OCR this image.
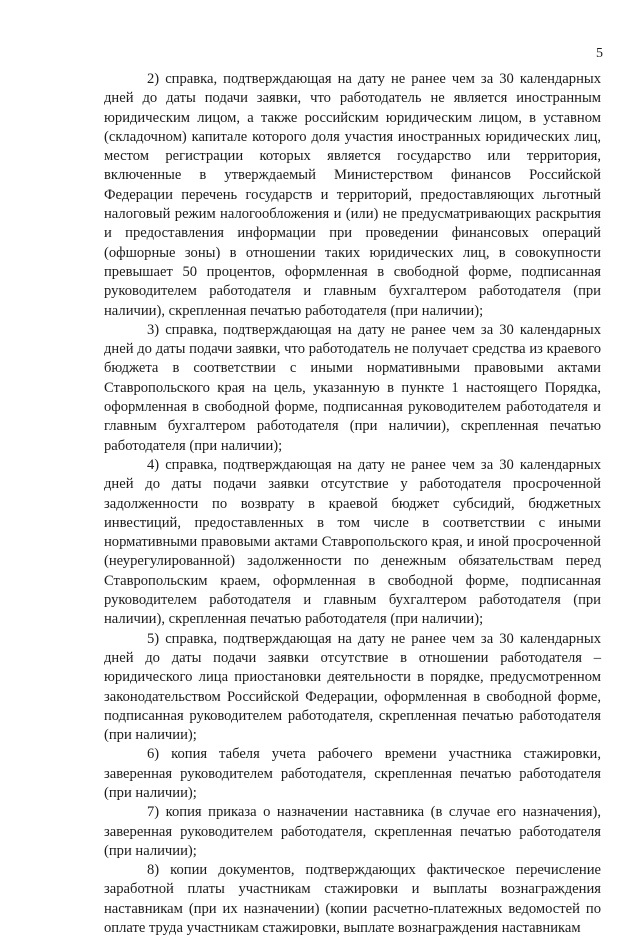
5

2) справка, подтверждающая на дату не ранее чем за 30 календарных дней до даты подачи заявки, что работодатель не является иностранным юридическим лицом, а также российским юридическим лицом, в уставном (складочном) капитале которого доля участия иностранных юридических лиц, местом регистрации которых является государство или территория, включенные в утверждаемый Министерством финансов Российской Федерации перечень государств и территорий, предоставляющих льготный налоговый режим налогообложения и (или) не предусматривающих раскрытия и предоставления информации при проведении финансовых операций (офшорные зоны) в отношении таких юридических лиц, в совокупности превышает 50 процентов, оформленная в свободной форме, подписанная руководителем работодателя и главным бухгалтером работодателя (при наличии), скрепленная печатью работодателя (при наличии);

3) справка, подтверждающая на дату не ранее чем за 30 календарных дней до даты подачи заявки, что работодатель не получает средства из краевого бюджета в соответствии с иными нормативными правовыми актами Ставропольского края на цель, указанную в пункте 1 настоящего Порядка, оформленная в свободной форме, подписанная руководителем работодателя и главным бухгалтером работодателя (при наличии), скрепленная печатью работодателя (при наличии);

4) справка, подтверждающая на дату не ранее чем за 30 календарных дней до даты подачи заявки отсутствие у работодателя просроченной задолженности по возврату в краевой бюджет субсидий, бюджетных инвестиций, предоставленных в том числе в соответствии с иными нормативными правовыми актами Ставропольского края, и иной просроченной (неурегулированной) задолженности по денежным обязательствам перед Ставропольским краем, оформленная в свободной форме, подписанная руководителем работодателя и главным бухгалтером работодателя (при наличии), скрепленная печатью работодателя (при наличии);

5) справка, подтверждающая на дату не ранее чем за 30 календарных дней до даты подачи заявки отсутствие в отношении работодателя – юридического лица приостановки деятельности в порядке, предусмотренном законодательством Российской Федерации, оформленная в свободной форме, подписанная руководителем работодателя, скрепленная печатью работодателя (при наличии);

6) копия табеля учета рабочего времени участника стажировки, заверенная руководителем работодателя, скрепленная печатью работодателя (при наличии);

7) копия приказа о назначении наставника (в случае его назначения), заверенная руководителем работодателя, скрепленная печатью работодателя (при наличии);

8) копии документов, подтверждающих фактическое перечисление заработной платы участникам стажировки и выплаты вознаграждения наставникам (при их назначении) (копии расчетно-платежных ведомостей по оплате труда участникам стажировки, выплате вознаграждения наставникам
